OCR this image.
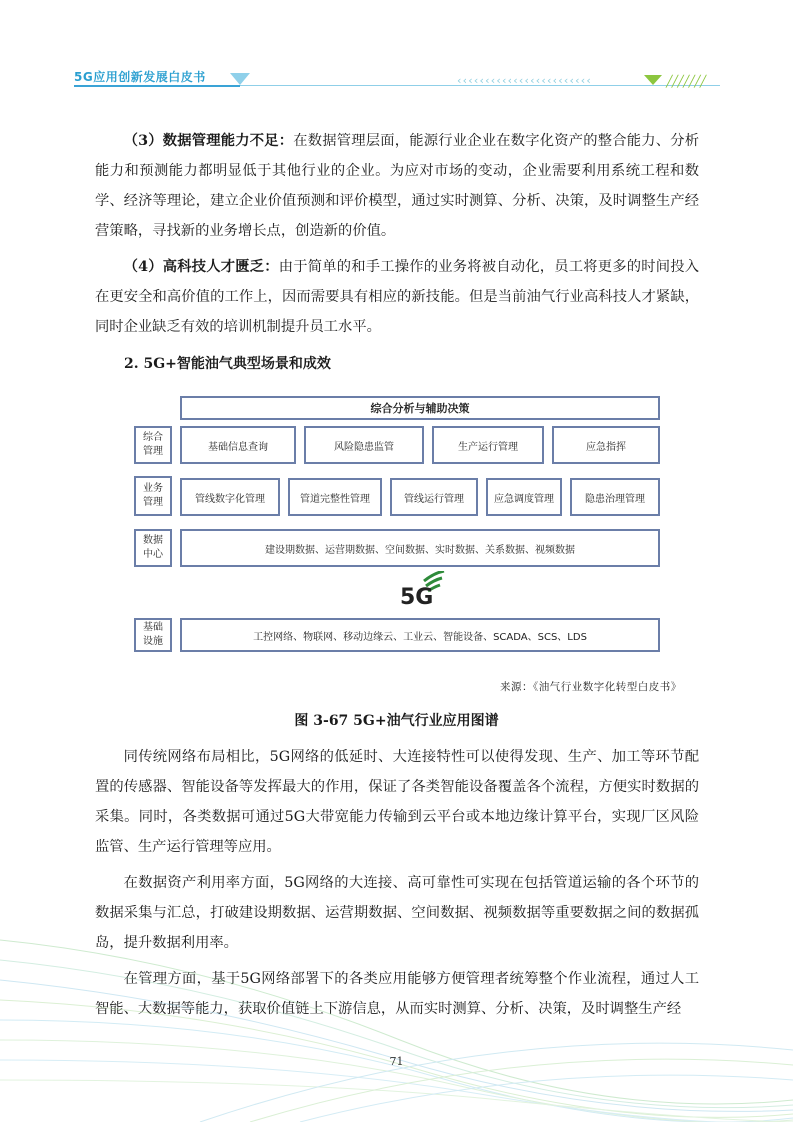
5G应用创新发展白皮书	‹‹‹‹‹‹‹‹‹‹‹‹‹‹‹‹‹‹‹‹‹‹‹‹	╱╱╱╱╱╱╱

（3）数据管理能力不足：在数据管理层面，能源行业企业在数字化资产的整合能力、分析能力和预测能力都明显低于其他行业的企业。为应对市场的变动，企业需要利用系统工程和数学、经济等理论，建立企业价值预测和评价模型，通过实时测算、分析、决策，及时调整生产经营策略，寻找新的业务增长点，创造新的价值。

（4）高科技人才匮乏：由于简单的和手工操作的业务将被自动化，员工将更多的时间投入在更安全和高价值的工作上，因而需要具有相应的新技能。但是当前油气行业高科技人才紧缺，同时企业缺乏有效的培训机制提升员工水平。

2. 5G+智能油气典型场景和成效
综合分析与辅助决策
综合
管理	基础信息查询	风险隐患监管	生产运行管理	应急指挥
业务
管理	管线数字化管理	管道完整性管理	管线运行管理	应急调度管理	隐患治理管理
数据
中心	建设期数据、运营期数据、空间数据、实时数据、关系数据、视频数据
5G
基础
设施	工控网络、物联网、移动边缘云、工业云、智能设备、SCADA、SCS、LDS
来源：《油气行业数字化转型白皮书》
图 3-67 5G+油气行业应用图谱

同传统网络布局相比，5G网络的低延时、大连接特性可以使得发现、生产、加工等环节配置的传感器、智能设备等发挥最大的作用，保证了各类智能设备覆盖各个流程，方便实时数据的采集。同时，各类数据可通过5G大带宽能力传输到云平台或本地边缘计算平台，实现厂区风险监管、生产运行管理等应用。

在数据资产利用率方面，5G网络的大连接、高可靠性可实现在包括管道运输的各个环节的数据采集与汇总，打破建设期数据、运营期数据、空间数据、视频数据等重要数据之间的数据孤岛，提升数据利用率。

在管理方面，基于5G网络部署下的各类应用能够方便管理者统筹整个作业流程，通过人工智能、大数据等能力，获取价值链上下游信息，从而实时测算、分析、决策，及时调整生产经

71
